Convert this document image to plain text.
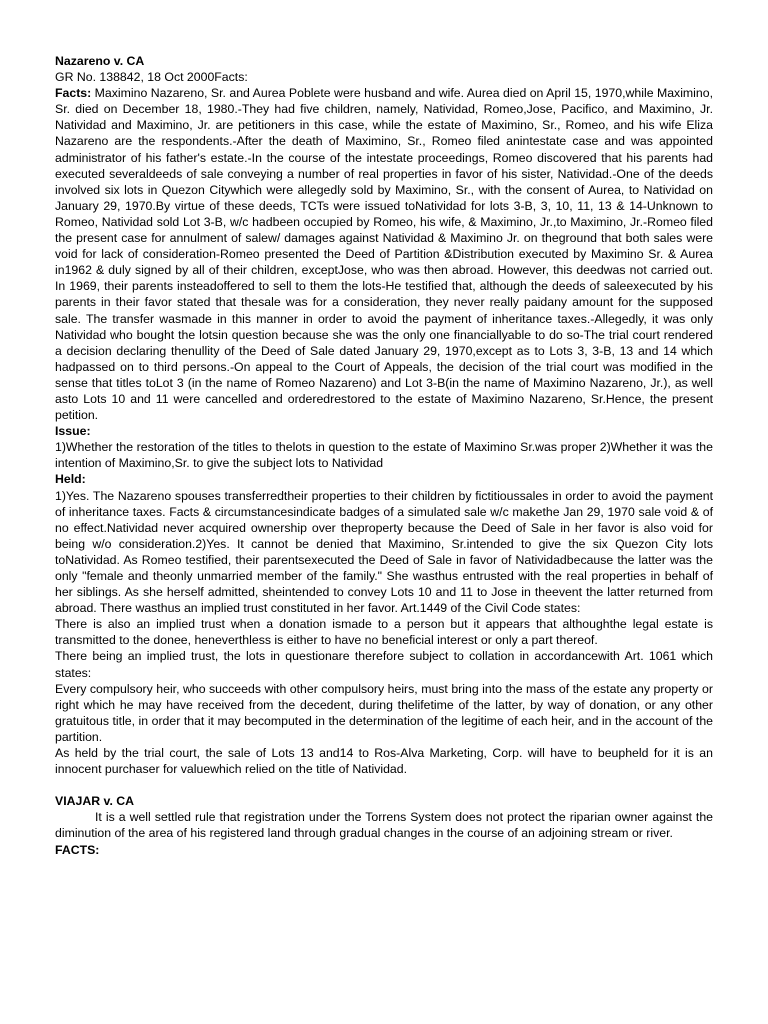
Nazareno v. CA

GR No. 138842, 18 Oct 2000Facts:

Facts: Maximino Nazareno, Sr. and Aurea Poblete were husband and wife. Aurea died on April 15, 1970,while Maximino, Sr. died on December 18, 1980.-They had five children, namely, Natividad, Romeo,Jose, Pacifico, and Maximino, Jr. Natividad and Maximino, Jr. are petitioners in this case, while the estate of Maximino, Sr., Romeo, and his wife Eliza Nazareno are the respondents.-After the death of Maximino, Sr., Romeo filed anintestate case and was appointed administrator of his father's estate.-In the course of the intestate proceedings, Romeo discovered that his parents had executed severaldeeds of sale conveying a number of real properties in favor of his sister, Natividad.-One of the deeds involved six lots in Quezon Citywhich were allegedly sold by Maximino, Sr., with the consent of Aurea, to Natividad on January 29, 1970.By virtue of these deeds, TCTs were issued toNatividad for lots 3-B, 3, 10, 11, 13 & 14-Unknown to Romeo, Natividad sold Lot 3-B, w/c hadbeen occupied by Romeo, his wife, & Maximino, Jr.,to Maximino, Jr.-Romeo filed the present case for annulment of salew/ damages against Natividad & Maximino Jr. on theground that both sales were void for lack of consideration-Romeo presented the Deed of Partition &Distribution executed by Maximino Sr. & Aurea in1962 & duly signed by all of their children, exceptJose, who was then abroad. However, this deedwas not carried out. In 1969, their parents insteadoffered to sell to them the lots-He testified that, although the deeds of saleexecuted by his parents in their favor stated that thesale was for a consideration, they never really paidany amount for the supposed sale. The transfer wasmade in this manner in order to avoid the payment of inheritance taxes.-Allegedly, it was only Natividad who bought the lotsin question because she was the only one financiallyable to do so-The trial court rendered a decision declaring thenullity of the Deed of Sale dated January 29, 1970,except as to Lots 3, 3-B, 13 and 14 which hadpassed on to third persons.-On appeal to the Court of Appeals, the decision of the trial court was modified in the sense that titles toLot 3 (in the name of Romeo Nazareno) and Lot 3-B(in the name of Maximino Nazareno, Jr.), as well asto Lots 10 and 11 were cancelled and orderedrestored to the estate of Maximino Nazareno, Sr.Hence, the present petition.

Issue:

1)Whether the restoration of the titles to thelots in question to the estate of Maximino Sr.was proper 2)Whether it was the intention of Maximino,Sr. to give the subject lots to Natividad

Held:

1)Yes. The Nazareno spouses transferredtheir properties to their children by fictitioussales in order to avoid the payment of inheritance taxes. Facts & circumstancesindicate badges of a simulated sale w/c makethe Jan 29, 1970 sale void & of no effect.Natividad never acquired ownership over theproperty because the Deed of Sale in her favor is also void for being w/o consideration.2)Yes. It cannot be denied that Maximino, Sr.intended to give the six Quezon City lots toNatividad. As Romeo testified, their parentsexecuted the Deed of Sale in favor of Natividadbecause the latter was the only "female and theonly unmarried member of the family." She wasthus entrusted with the real properties in behalf of her siblings. As she herself admitted, sheintended to convey Lots 10 and 11 to Jose in theevent the latter returned from abroad. There wasthus an implied trust constituted in her favor. Art.1449 of the Civil Code states:

There is also an implied trust when a donation ismade to a person but it appears that althoughthe legal estate is transmitted to the donee, heneverthless is either to have no beneficial interest or only a part thereof.

There being an implied trust, the lots in questionare therefore subject to collation in accordancewith Art. 1061 which states:

Every compulsory heir, who succeeds with other compulsory heirs, must bring into the mass of the estate any property or right which he may have received from the decedent, during thelifetime of the latter, by way of donation, or any other gratuitous title, in order that it may becomputed in the determination of the legitime of each heir, and in the account of the partition.

As held by the trial court, the sale of Lots 13 and14 to Ros-Alva Marketing, Corp. will have to beupheld for it is an innocent purchaser for valuewhich relied on the title of Natividad.

VIAJAR v. CA

It is a well settled rule that registration under the Torrens System does not protect the riparian owner against the diminution of the area of his registered land through gradual changes in the course of an adjoining stream or river.

FACTS:
